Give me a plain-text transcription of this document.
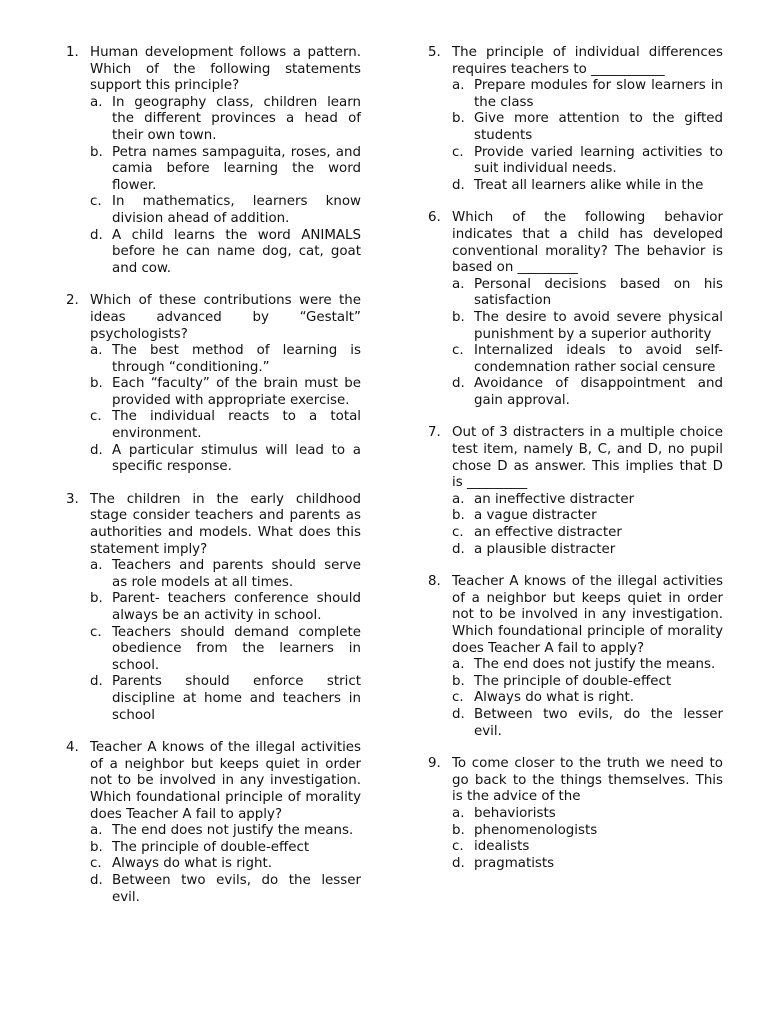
1. Human development follows a pattern. Which of the following statements support this principle?
a. In geography class, children learn the different provinces a head of their own town.
b. Petra names sampaguita, roses, and camia before learning the word flower.
c. In mathematics, learners know division ahead of addition.
d. A child learns the word ANIMALS before he can name dog, cat, goat and cow.
2. Which of these contributions were the ideas advanced by “Gestalt” psychologists?
a. The best method of learning is through “conditioning.”
b. Each “faculty” of the brain must be provided with appropriate exercise.
c. The individual reacts to a total environment.
d. A particular stimulus will lead to a specific response.
3. The children in the early childhood stage consider teachers and parents as authorities and models. What does this statement imply?
a. Teachers and parents should serve as role models at all times.
b. Parent- teachers conference should always be an activity in school.
c. Teachers should demand complete obedience from the learners in school.
d. Parents should enforce strict discipline at home and teachers in school
4. Teacher A knows of the illegal activities of a neighbor but keeps quiet in order not to be involved in any investigation. Which foundational principle of morality does Teacher A fail to apply?
a. The end does not justify the means.
b. The principle of double-effect
c. Always do what is right.
d. Between two evils, do the lesser evil.
5. The principle of individual differences requires teachers to ___________
a. Prepare modules for slow learners in the class
b. Give more attention to the gifted students
c. Provide varied learning activities to suit individual needs.
d. Treat all learners alike while in the
6. Which of the following behavior indicates that a child has developed conventional morality? The behavior is based on _________
a. Personal decisions based on his satisfaction
b. The desire to avoid severe physical punishment by a superior authority
c. Internalized ideals to avoid self-condemnation rather social censure
d. Avoidance of disappointment and gain approval.
7. Out of 3 distracters in a multiple choice test item, namely B, C, and D, no pupil chose D as answer. This implies that D is _________
a. an ineffective distracter
b. a vague distracter
c. an effective distracter
d. a plausible distracter
8. Teacher A knows of the illegal activities of a neighbor but keeps quiet in order not to be involved in any investigation. Which foundational principle of morality does Teacher A fail to apply?
a. The end does not justify the means.
b. The principle of double-effect
c. Always do what is right.
d. Between two evils, do the lesser evil.
9. To come closer to the truth we need to go back to the things themselves. This is the advice of the
a. behaviorists
b. phenomenologists
c. idealists
d. pragmatists
